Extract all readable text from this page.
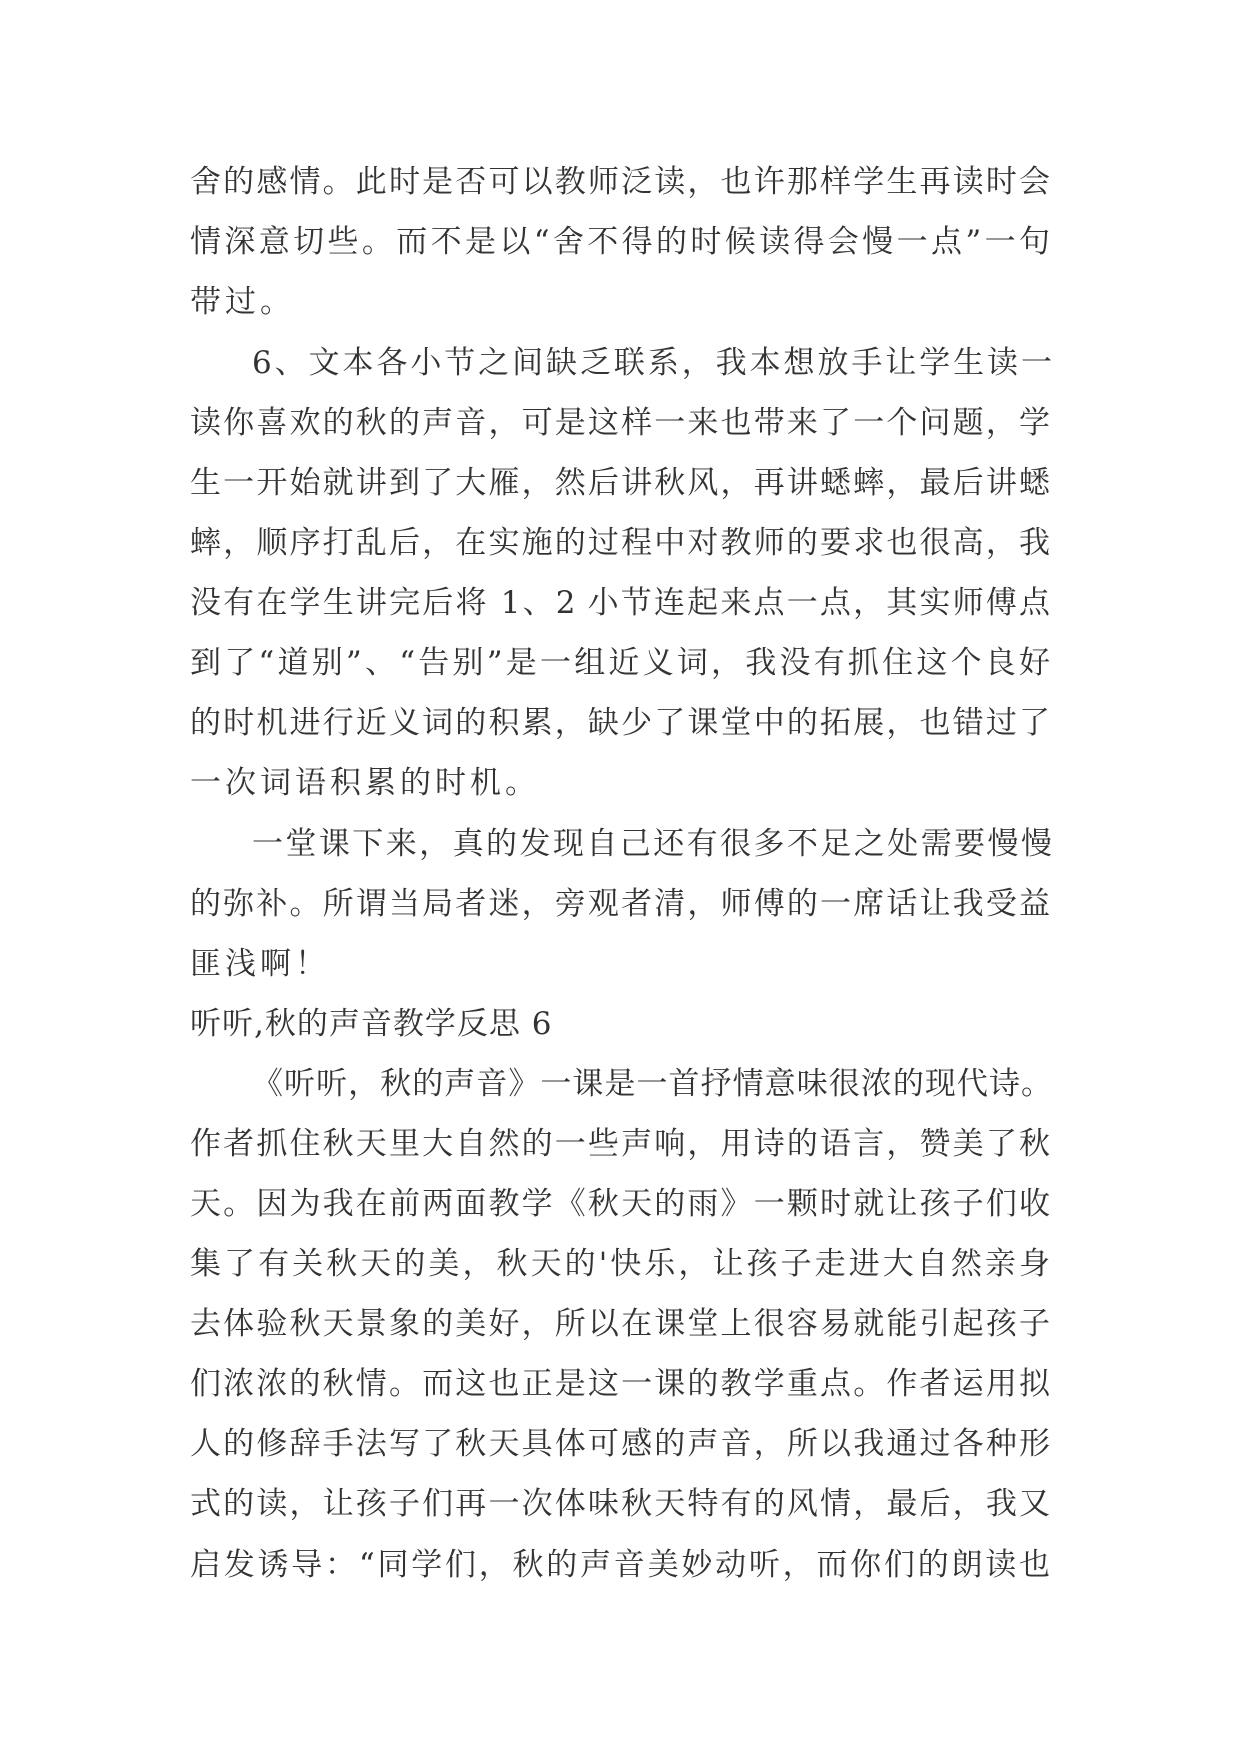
舍的感情。此时是否可以教师泛读，也许那样学生再读时会
情深意切些。而不是以“舍不得的时候读得会慢一点”一句
带过。
6、文本各小节之间缺乏联系，我本想放手让学生读一
读你喜欢的秋的声音，可是这样一来也带来了一个问题，学
生一开始就讲到了大雁，然后讲秋风，再讲蟋蟀，最后讲蟋
蟀，顺序打乱后，在实施的过程中对教师的要求也很高，我
没有在学生讲完后将 1、2 小节连起来点一点，其实师傅点
到了“道别”、“告别”是一组近义词，我没有抓住这个良好
的时机进行近义词的积累，缺少了课堂中的拓展，也错过了
一次词语积累的时机。
一堂课下来，真的发现自己还有很多不足之处需要慢慢
的弥补。所谓当局者迷，旁观者清，师傅的一席话让我受益
匪浅啊！
听听,秋的声音教学反思 6
《听听，秋的声音》一课是一首抒情意味很浓的现代诗。
作者抓住秋天里大自然的一些声响，用诗的语言，赞美了秋
天。因为我在前两面教学《秋天的雨》一颗时就让孩子们收
集了有关秋天的美，秋天的'快乐，让孩子走进大自然亲身
去体验秋天景象的美好，所以在课堂上很容易就能引起孩子
们浓浓的秋情。而这也正是这一课的教学重点。作者运用拟
人的修辞手法写了秋天具体可感的声音，所以我通过各种形
式的读，让孩子们再一次体味秋天特有的风情，最后，我又
启发诱导：“同学们，秋的声音美妙动听，而你们的朗读也
